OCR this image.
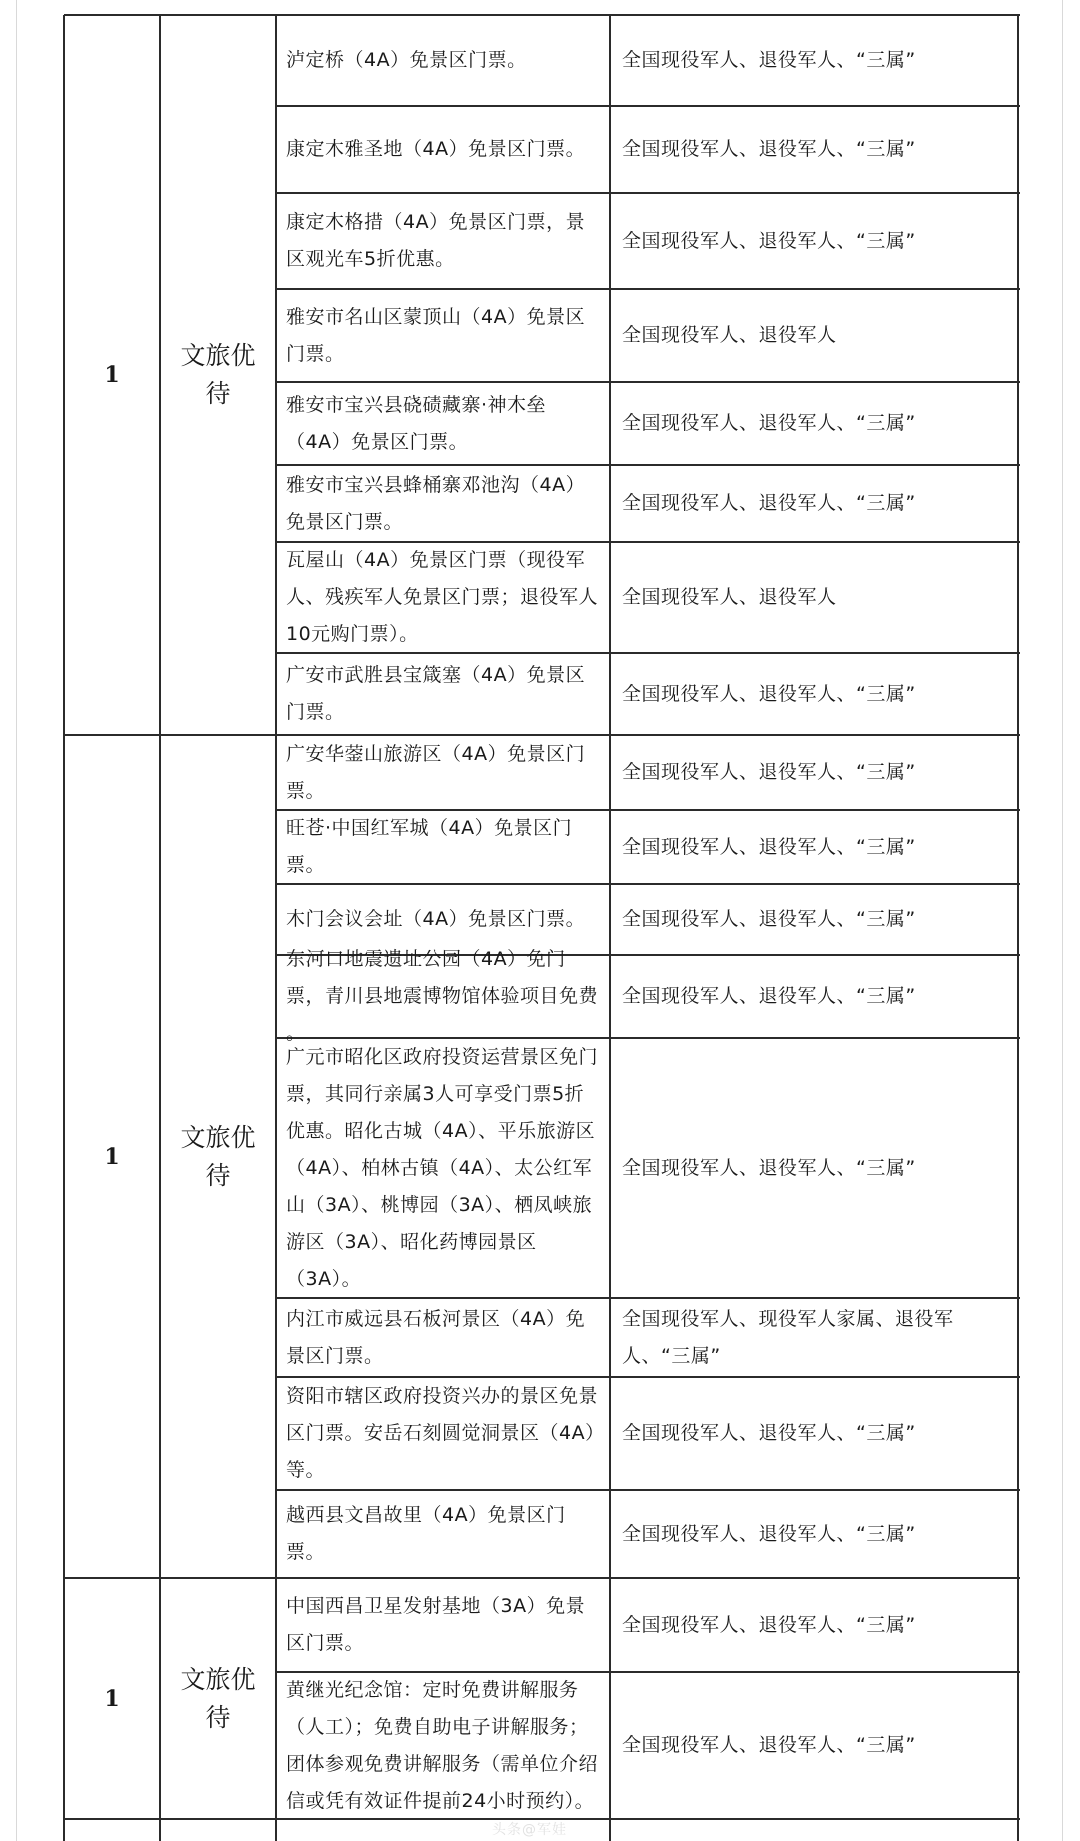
1
文旅优待
泸定桥（4A）免景区门票。	全国现役军人、退役军人、“三属”
康定木雅圣地（4A）免景区门票。 全国现役军人、退役军人、“三属”
康定木格措（4A）免景区门票，景区观光车5折优惠。
全国现役军人、退役军人、“三属”
雅安市名山区蒙顶山（4A）免景区门票。
全国现役军人、退役军人
雅安市宝兴县硗碛藏寨·神木垒（4A）免景区门票。
全国现役军人、退役军人、“三属”
雅安市宝兴县蜂桶寨邓池沟（4A）免景区门票。
全国现役军人、退役军人、“三属”
瓦屋山（4A）免景区门票（现役军人、残疾军人免景区门票；退役军人10元购门票）。
全国现役军人、退役军人
广安市武胜县宝箴塞（4A）免景区门票。
全国现役军人、退役军人、“三属”
1
文旅优待
广安华蓥山旅游区（4A）免景区门票。
全国现役军人、退役军人、“三属”
旺苍·中国红军城（4A）免景区门票。
全国现役军人、退役军人、“三属”
木门会议会址（4A）免景区门票。 全国现役军人、退役军人、“三属”
东河口地震遗址公园（4A）免门票，青川县地震博物馆体验项目免费 。
全国现役军人、退役军人、“三属”
广元市昭化区政府投资运营景区免门票，其同行亲属3人可享受门票5折优惠。昭化古城（4A）、平乐旅游区（4A）、柏林古镇（4A）、太公红军山（3A）、桃博园（3A）、栖凤峡旅游区（3A）、昭化药博园景区（3A）。
全国现役军人、退役军人、“三属”
内江市威远县石板河景区（4A）免景区门票。
全国现役军人、现役军人家属、退役军人、“三属”
资阳市辖区政府投资兴办的景区免景区门票。安岳石刻圆觉洞景区（4A）等。
全国现役军人、退役军人、“三属”
越西县文昌故里（4A）免景区门票。
全国现役军人、退役军人、“三属”
1
文旅优待
中国西昌卫星发射基地（3A）免景区门票。
全国现役军人、退役军人、“三属”
黄继光纪念馆：定时免费讲解服务（人工）；免费自助电子讲解服务；团体参观免费讲解服务（需单位介绍信或凭有效证件提前24小时预约）。
全国现役军人、退役军人、“三属”
头条@军娃
